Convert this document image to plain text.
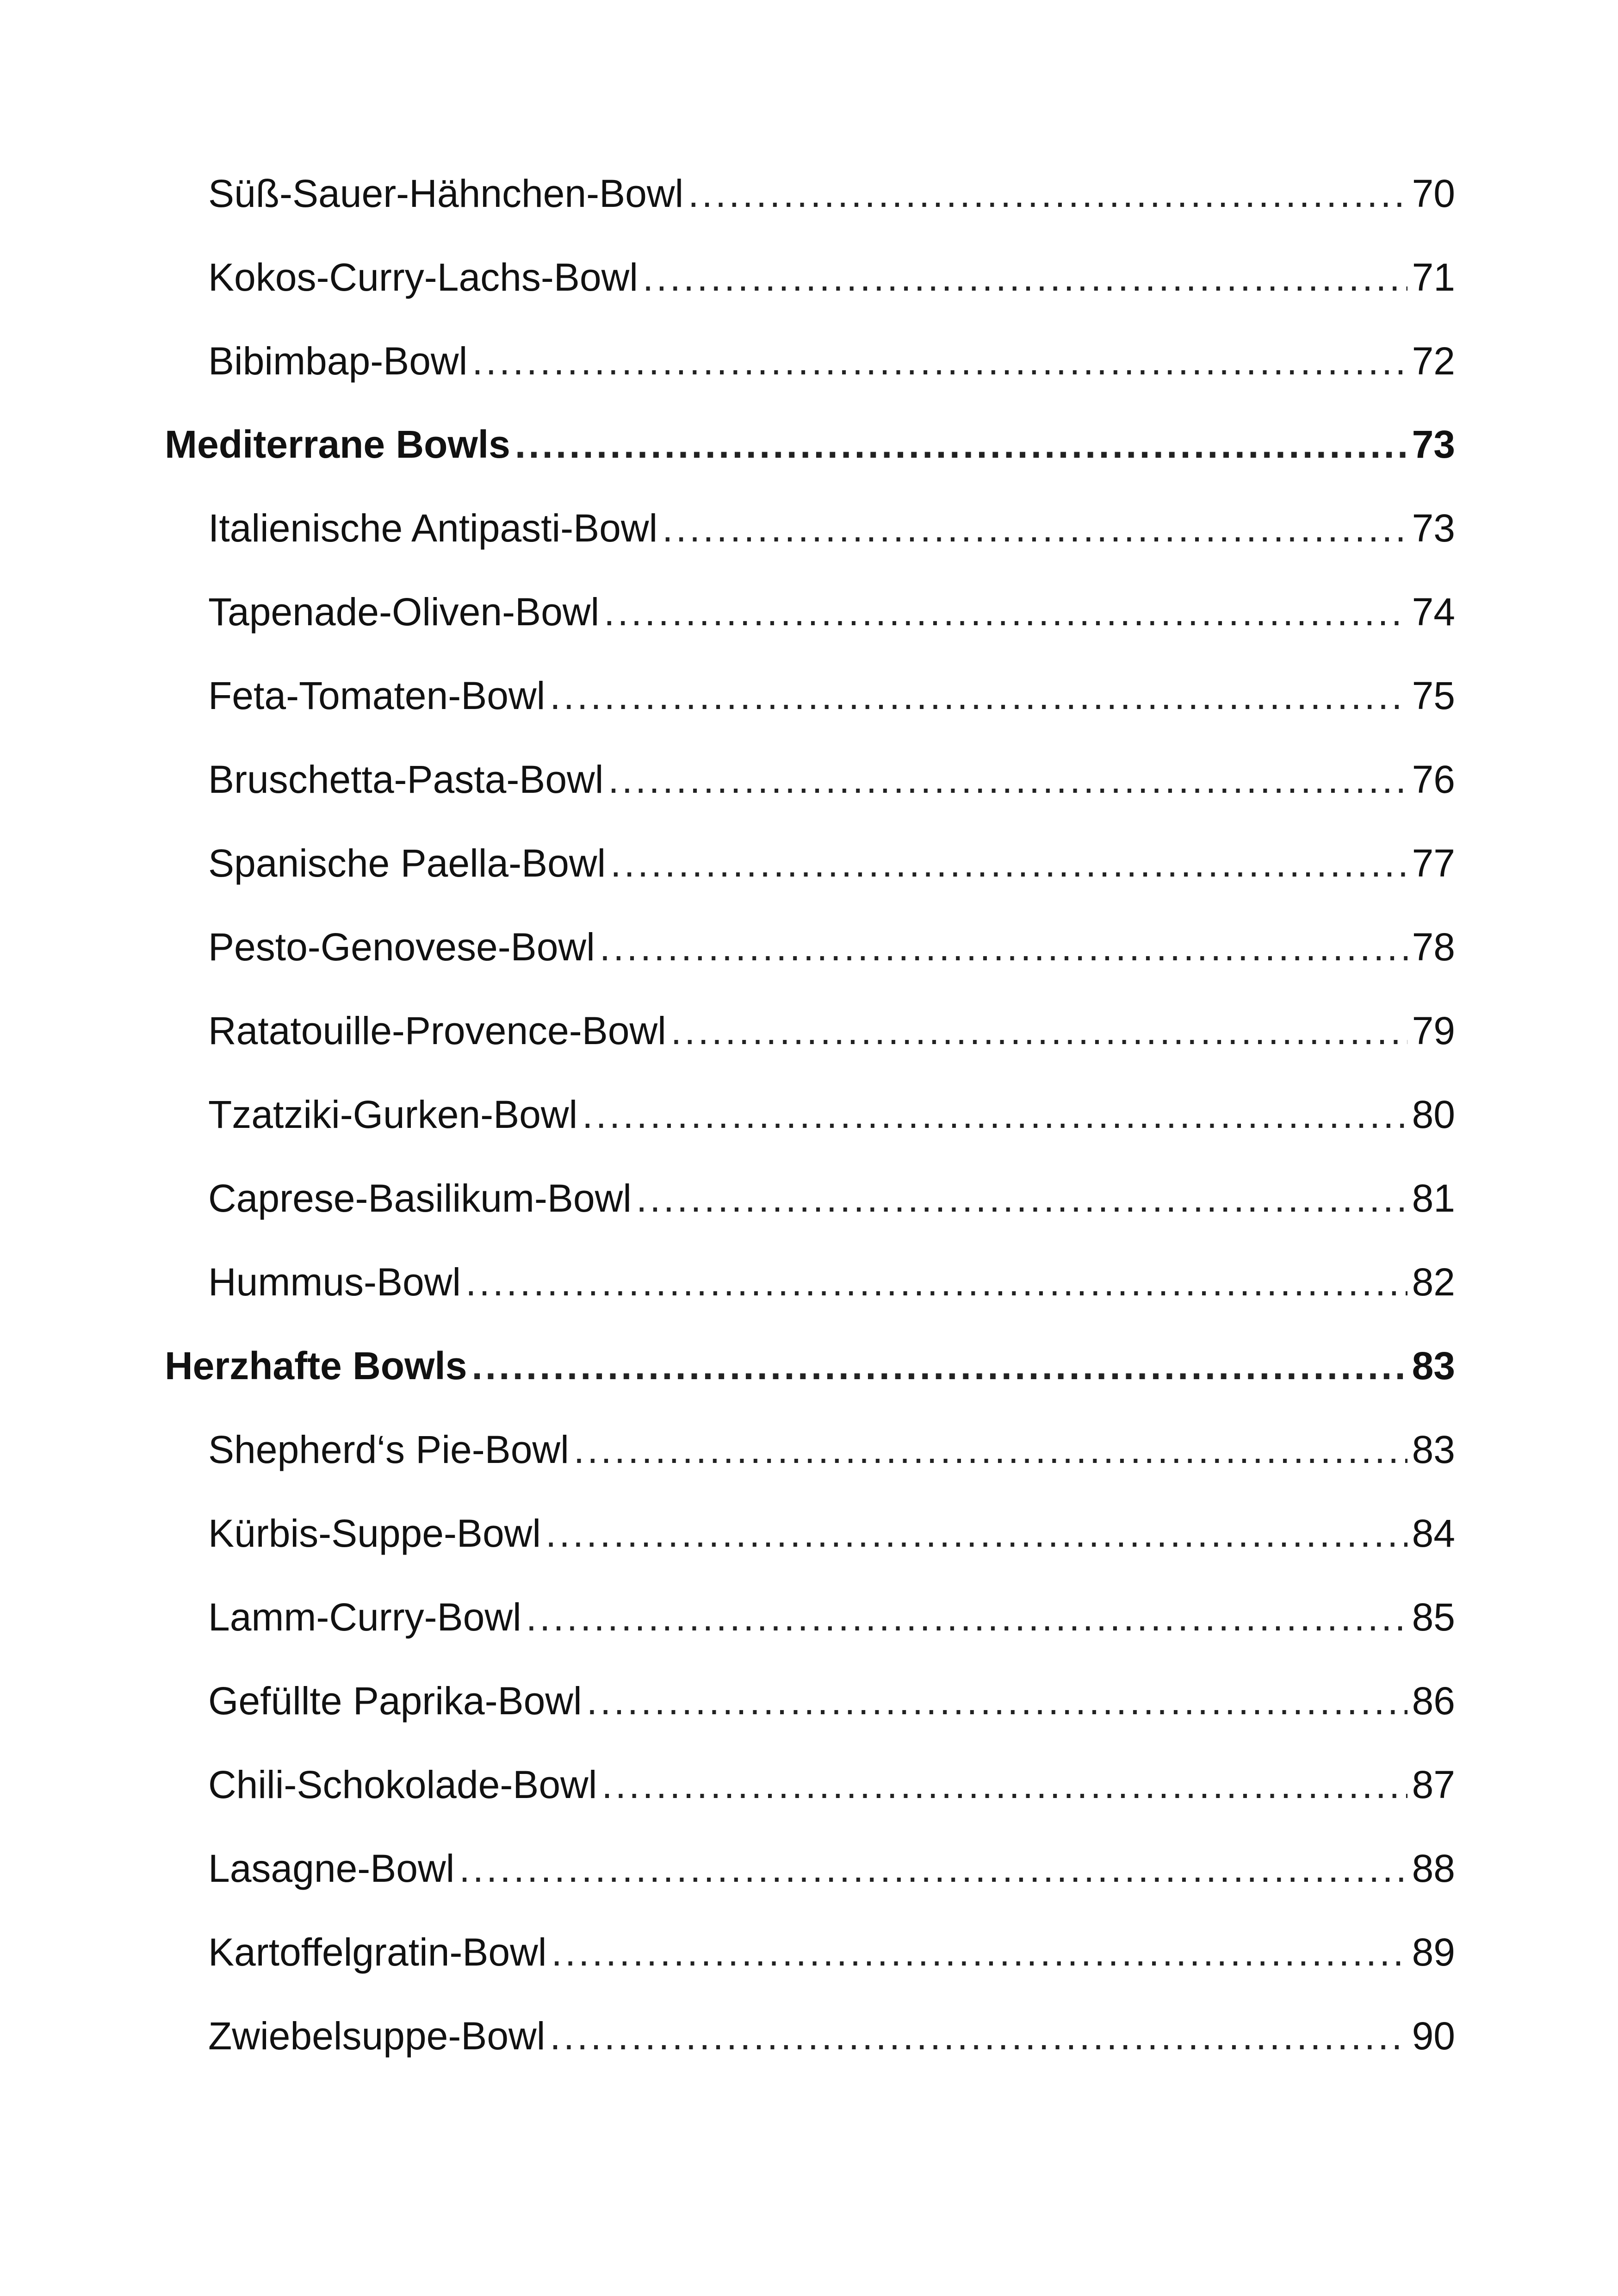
Süß-Sauer-Hähnchen-Bowl .....	70
Kokos-Curry-Lachs-Bowl .....	71
Bibimbap-Bowl .....	72
Mediterrane Bowls .....	73
Italienische Antipasti-Bowl .....	73
Tapenade-Oliven-Bowl .....	74
Feta-Tomaten-Bowl .....	75
Bruschetta-Pasta-Bowl .....	76
Spanische Paella-Bowl .....	77
Pesto-Genovese-Bowl .....	78
Ratatouille-Provence-Bowl .....	79
Tzatziki-Gurken-Bowl .....	80
Caprese-Basilikum-Bowl .....	81
Hummus-Bowl .....	82
Herzhafte Bowls .....	83
Shepherd‘s Pie-Bowl .....	83
Kürbis-Suppe-Bowl .....	84
Lamm-Curry-Bowl .....	85
Gefüllte Paprika-Bowl .....	86
Chili-Schokolade-Bowl .....	87
Lasagne-Bowl .....	88
Kartoffelgratin-Bowl .....	89
Zwiebelsuppe-Bowl .....	90
